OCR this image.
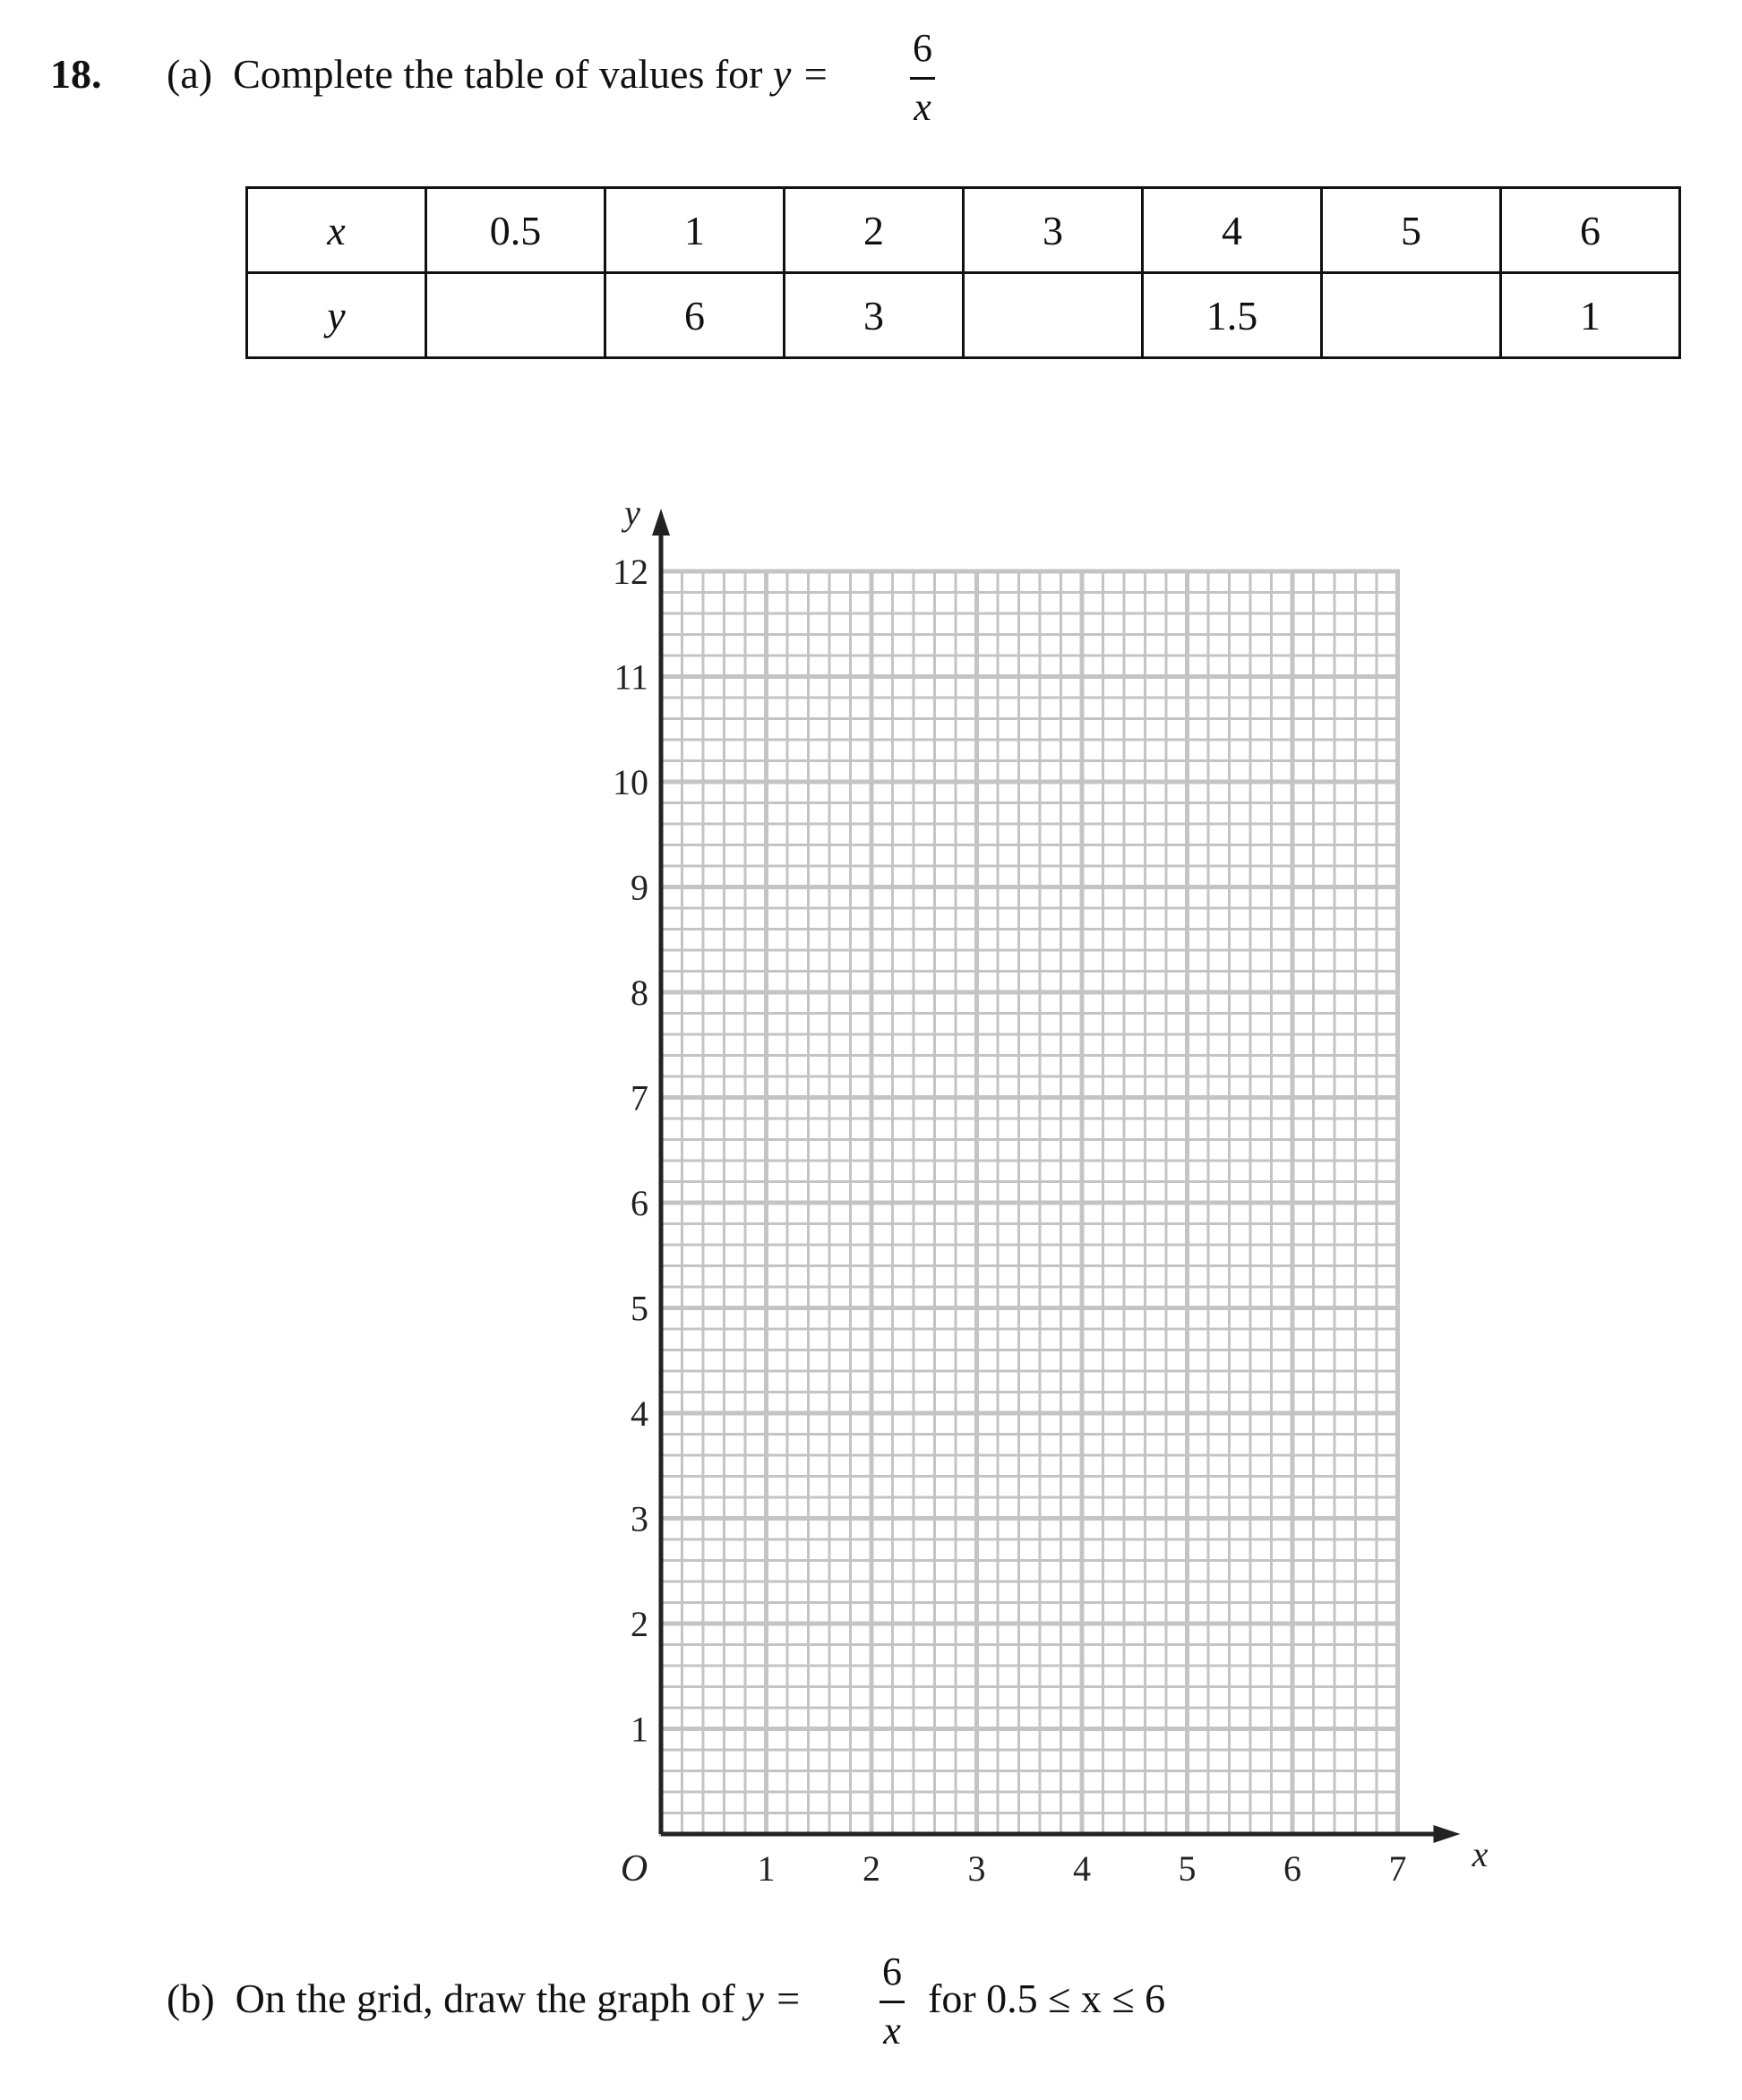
18. (a) Complete the table of values for y =
6
x
x	0.5	1	2	3	4	5	6
y		6	3		1.5		1
1 2 3 4 5 6 7
1
2
3
4
5
6
7
8
9
10
11
12
O	x
y
(b) On the grid, draw the graph of y =
6
x
for 0.5 ≤ x ≤ 6
